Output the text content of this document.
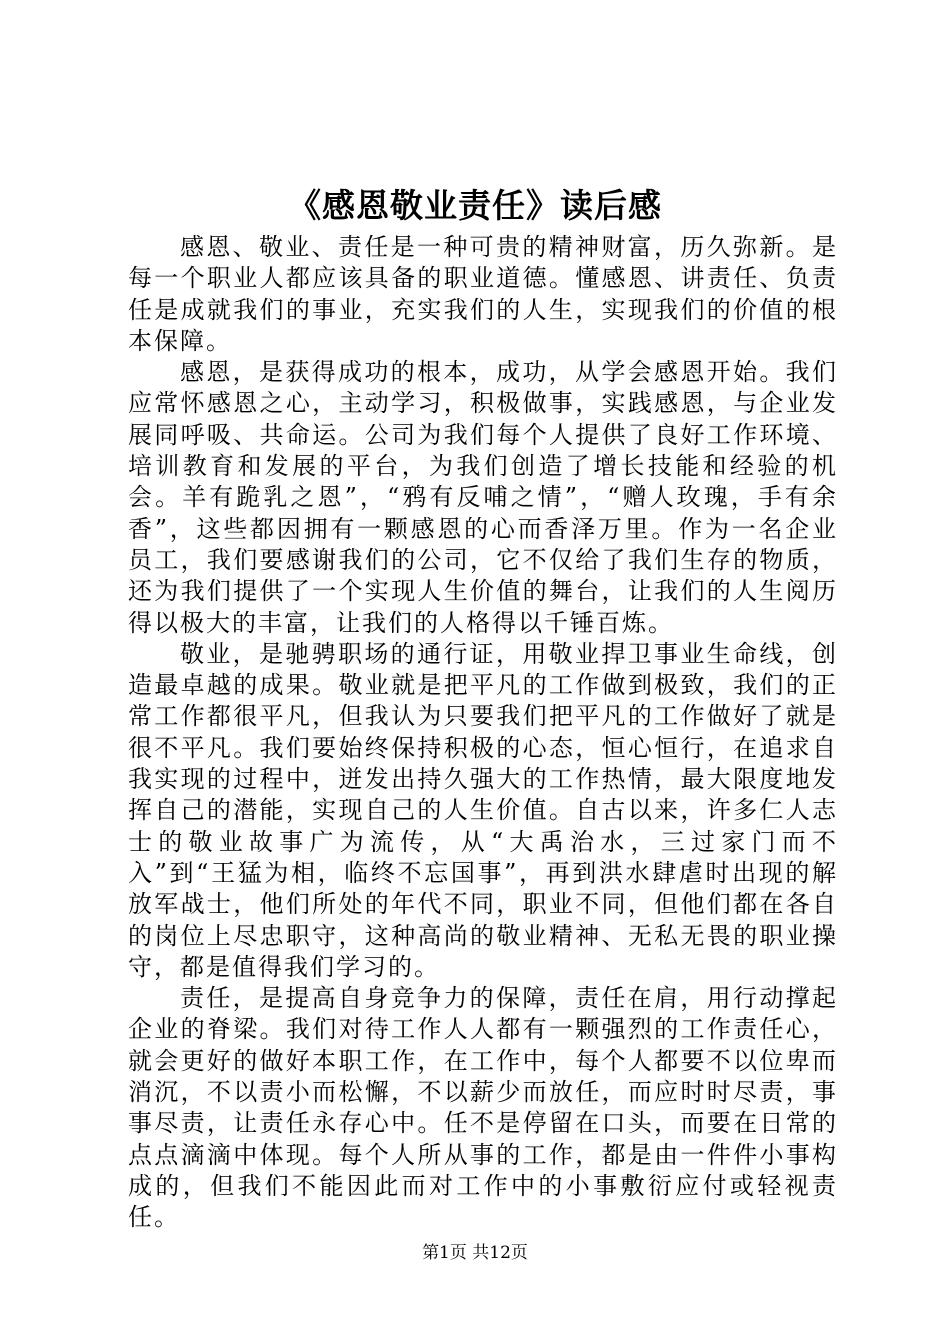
《感恩敬业责任》读后感

感恩、敬业、责任是一种可贵的精神财富，历久弥新。是每一个职业人都应该具备的职业道德。懂感恩、讲责任、负责任是成就我们的事业，充实我们的人生，实现我们的价值的根本保障。

感恩，是获得成功的根本，成功，从学会感恩开始。我们应常怀感恩之心，主动学习，积极做事，实践感恩，与企业发展同呼吸、共命运。公司为我们每个人提供了良好工作环境、培训教育和发展的平台，为我们创造了增长技能和经验的机会。羊有跪乳之恩”，“鸦有反哺之情”，“赠人玫瑰，手有余香”，这些都因拥有一颗感恩的心而香泽万里。作为一名企业员工，我们要感谢我们的公司，它不仅给了我们生存的物质，还为我们提供了一个实现人生价值的舞台，让我们的人生阅历得以极大的丰富，让我们的人格得以千锤百炼。

敬业，是驰骋职场的通行证，用敬业捍卫事业生命线，创造最卓越的成果。敬业就是把平凡的工作做到极致，我们的正常工作都很平凡，但我认为只要我们把平凡的工作做好了就是很不平凡。我们要始终保持积极的心态，恒心恒行，在追求自我实现的过程中，迸发出持久强大的工作热情，最大限度地发挥自己的潜能，实现自己的人生价值。自古以来，许多仁人志士的敬业故事广为流传，从“大禹治水，三过家门而不入”到“王猛为相，临终不忘国事”，再到洪水肆虐时出现的解放军战士，他们所处的年代不同，职业不同，但他们都在各自的岗位上尽忠职守，这种高尚的敬业精神、无私无畏的职业操守，都是值得我们学习的。

责任，是提高自身竞争力的保障，责任在肩，用行动撑起企业的脊梁。我们对待工作人人都有一颗强烈的工作责任心，就会更好的做好本职工作，在工作中，每个人都要不以位卑而消沉，不以责小而松懈，不以薪少而放任，而应时时尽责，事事尽责，让责任永存心中。任不是停留在口头，而要在日常的点点滴滴中体现。每个人所从事的工作，都是由一件件小事构成的，但我们不能因此而对工作中的小事敷衍应付或轻视责任。

第1页 共12页
